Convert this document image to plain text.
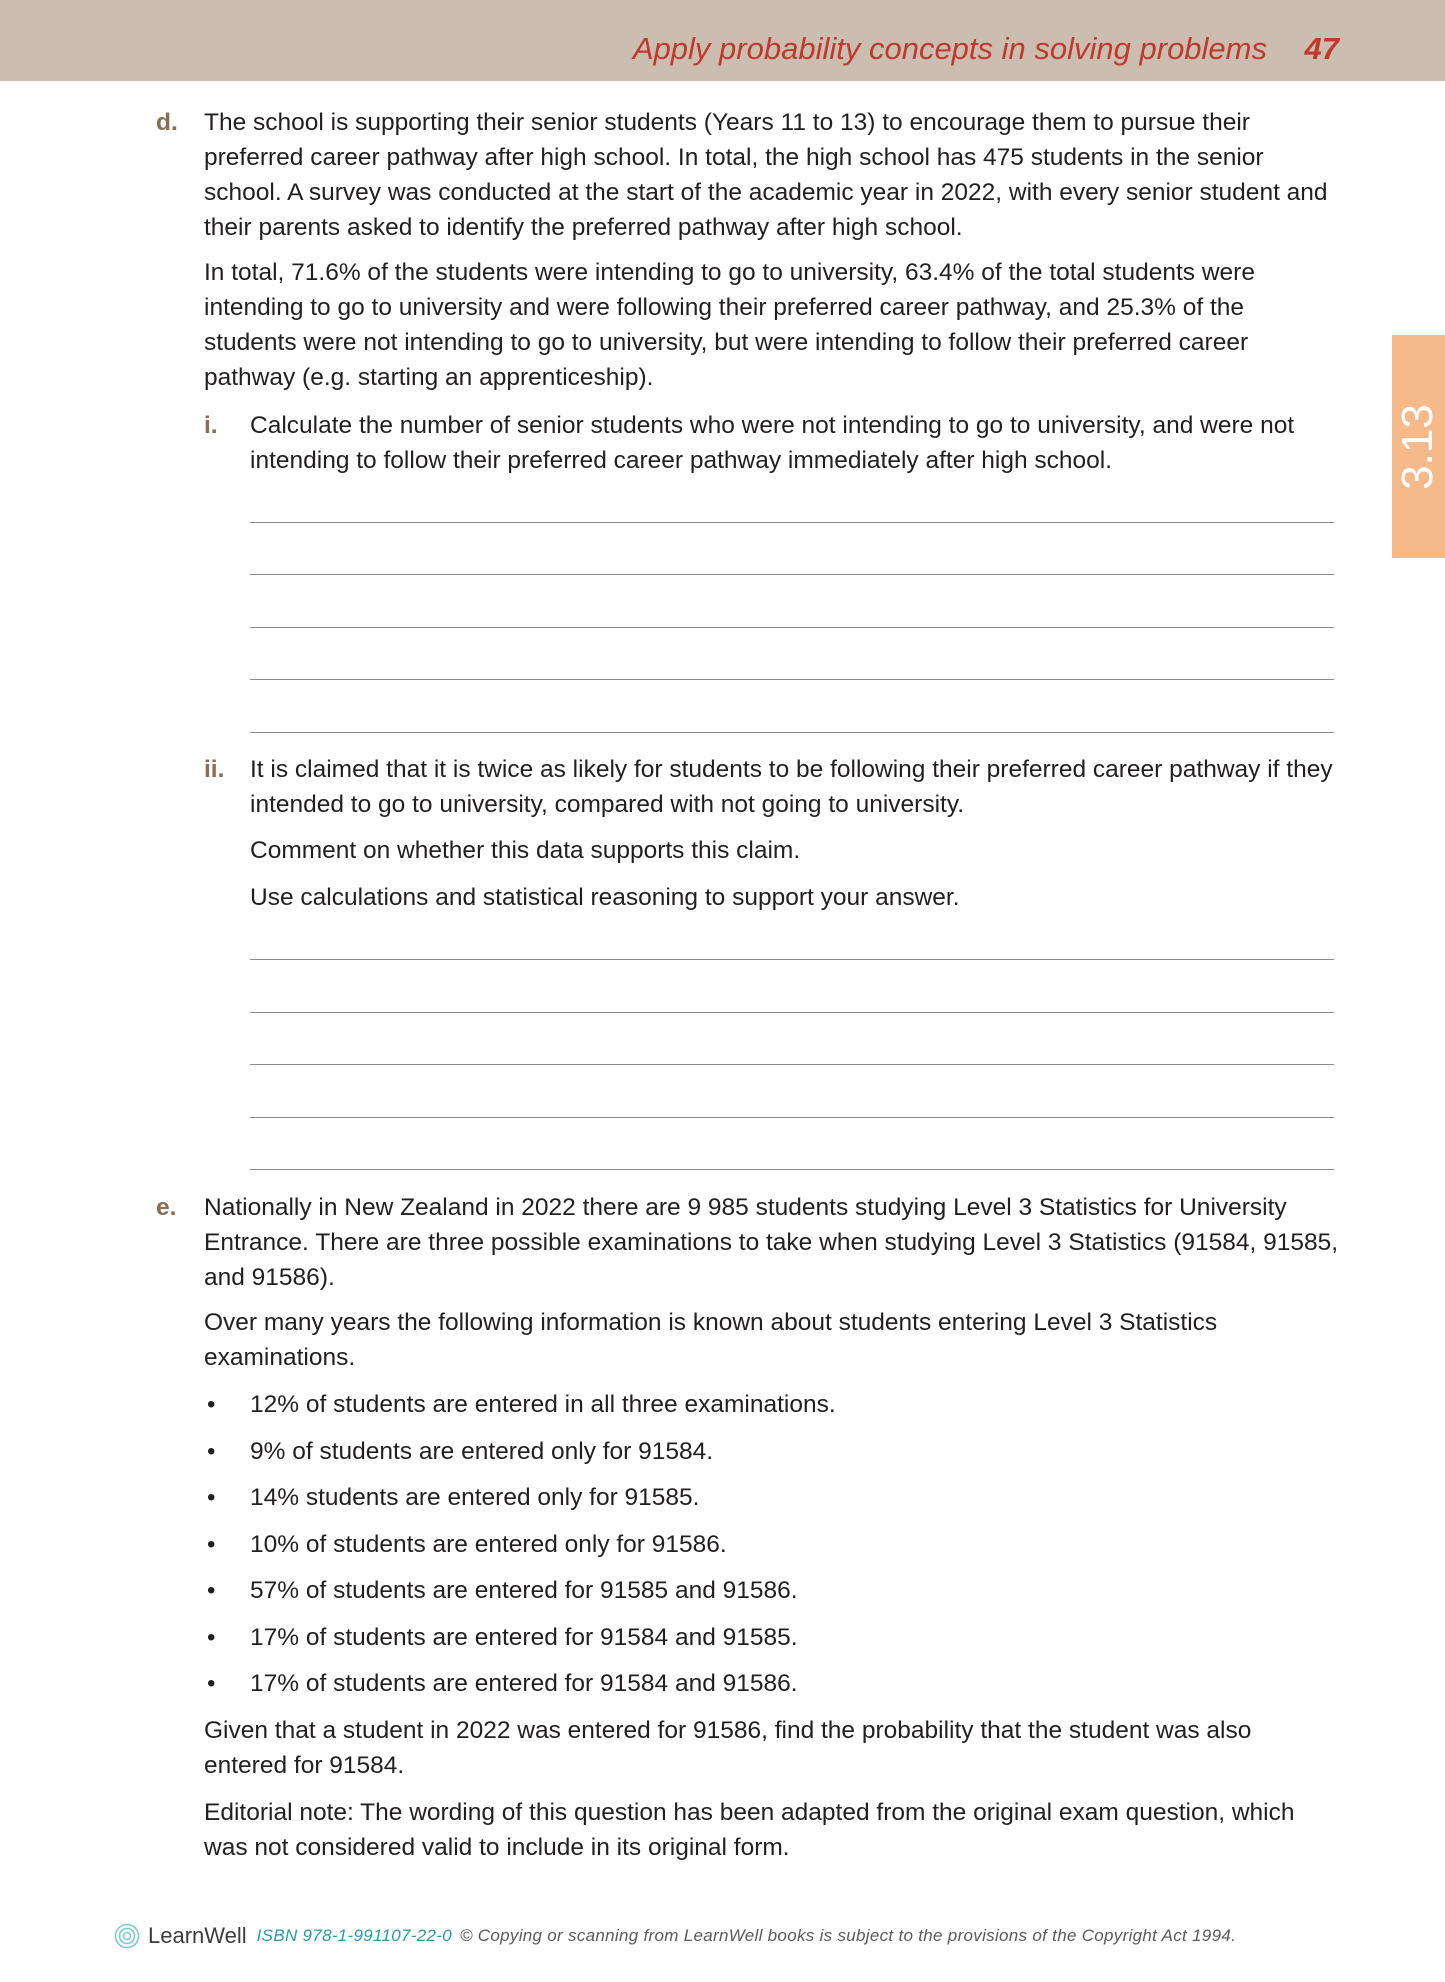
Apply probability concepts in solving problems 47
3.13
d. The school is supporting their senior students (Years 11 to 13) to encourage them to pursue their preferred career pathway after high school. In total, the high school has 475 students in the senior school. A survey was conducted at the start of the academic year in 2022, with every senior student and their parents asked to identify the preferred pathway after high school.
In total, 71.6% of the students were intending to go to university, 63.4% of the total students were intending to go to university and were following their preferred career pathway, and 25.3% of the students were not intending to go to university, but were intending to follow their preferred career pathway (e.g. starting an apprenticeship).
i. Calculate the number of senior students who were not intending to go to university, and were not intending to follow their preferred career pathway immediately after high school.
ii. It is claimed that it is twice as likely for students to be following their preferred career pathway if they intended to go to university, compared with not going to university.
Comment on whether this data supports this claim.
Use calculations and statistical reasoning to support your answer.
e. Nationally in New Zealand in 2022 there are 9 985 students studying Level 3 Statistics for University Entrance. There are three possible examinations to take when studying Level 3 Statistics (91584, 91585, and 91586).
Over many years the following information is known about students entering Level 3 Statistics examinations.
• 12% of students are entered in all three examinations.
• 9% of students are entered only for 91584.
• 14% students are entered only for 91585.
• 10% of students are entered only for 91586.
• 57% of students are entered for 91585 and 91586.
• 17% of students are entered for 91584 and 91585.
• 17% of students are entered for 91584 and 91586.
Given that a student in 2022 was entered for 91586, find the probability that the student was also entered for 91584.
Editorial note: The wording of this question has been adapted from the original exam question, which was not considered valid to include in its original form.
LearnWell ISBN 978-1-991107-22-0 © Copying or scanning from LearnWell books is subject to the provisions of the Copyright Act 1994.
